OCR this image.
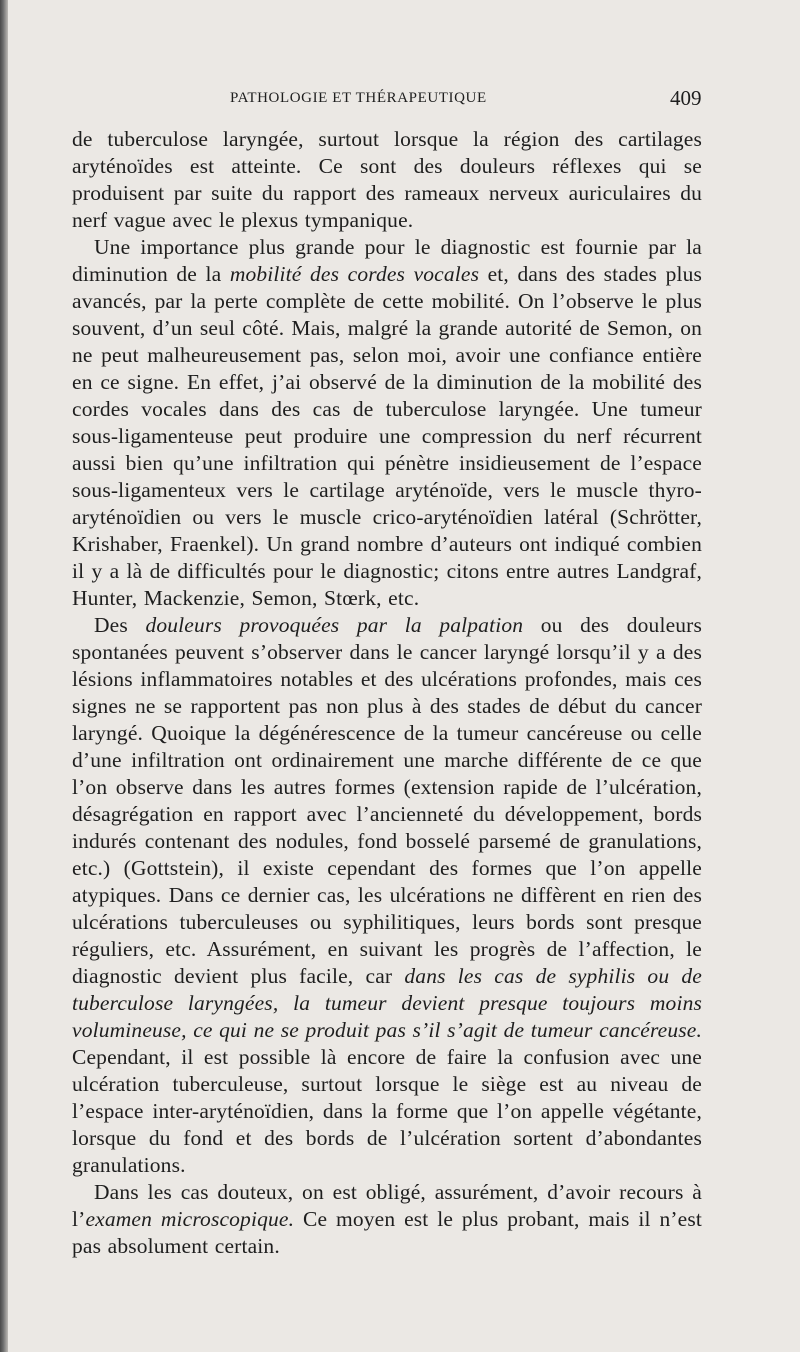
PATHOLOGIE ET THÉRAPEUTIQUE	409

de tuberculose laryngée, surtout lorsque la région des cartilages aryténoïdes est atteinte. Ce sont des douleurs réflexes qui se produisent par suite du rapport des rameaux nerveux auriculaires du nerf vague avec le plexus tympanique.

Une importance plus grande pour le diagnostic est fournie par la diminution de la mobilité des cordes vocales et, dans des stades plus avancés, par la perte complète de cette mobilité. On l’observe le plus souvent, d’un seul côté. Mais, malgré la grande autorité de Semon, on ne peut malheureusement pas, selon moi, avoir une confiance entière en ce signe. En effet, j’ai observé de la diminution de la mobilité des cordes vocales dans des cas de tuberculose laryngée. Une tumeur sous-ligamenteuse peut produire une compression du nerf récurrent aussi bien qu’une infiltration qui pénètre insidieusement de l’espace sous-ligamenteux vers le cartilage aryténoïde, vers le muscle thyro-aryténoïdien ou vers le muscle crico-aryténoïdien latéral (Schrötter, Krishaber, Fraenkel). Un grand nombre d’auteurs ont indiqué combien il y a là de difficultés pour le diagnostic; citons entre autres Landgraf, Hunter, Mackenzie, Semon, Stœrk, etc.

Des douleurs provoquées par la palpation ou des douleurs spontanées peuvent s’observer dans le cancer laryngé lorsqu’il y a des lésions inflammatoires notables et des ulcérations profondes, mais ces signes ne se rapportent pas non plus à des stades de début du cancer laryngé. Quoique la dégénérescence de la tumeur cancéreuse ou celle d’une infiltration ont ordinairement une marche différente de ce que l’on observe dans les autres formes (extension rapide de l’ulcération, désagrégation en rapport avec l’ancienneté du développement, bords indurés contenant des nodules, fond bosselé parsemé de granulations, etc.) (Gottstein), il existe cependant des formes que l’on appelle atypiques. Dans ce dernier cas, les ulcérations ne diffèrent en rien des ulcérations tuberculeuses ou syphilitiques, leurs bords sont presque réguliers, etc. Assurément, en suivant les progrès de l’affection, le diagnostic devient plus facile, car dans les cas de syphilis ou de tuberculose laryngées, la tumeur devient presque toujours moins volumineuse, ce qui ne se produit pas s’il s’agit de tumeur cancéreuse. Cependant, il est possible là encore de faire la confusion avec une ulcération tuberculeuse, surtout lorsque le siège est au niveau de l’espace inter-aryténoïdien, dans la forme que l’on appelle végétante, lorsque du fond et des bords de l’ulcération sortent d’abondantes granulations.

Dans les cas douteux, on est obligé, assurément, d’avoir recours à l’examen microscopique. Ce moyen est le plus probant, mais il n’est pas absolument certain.
